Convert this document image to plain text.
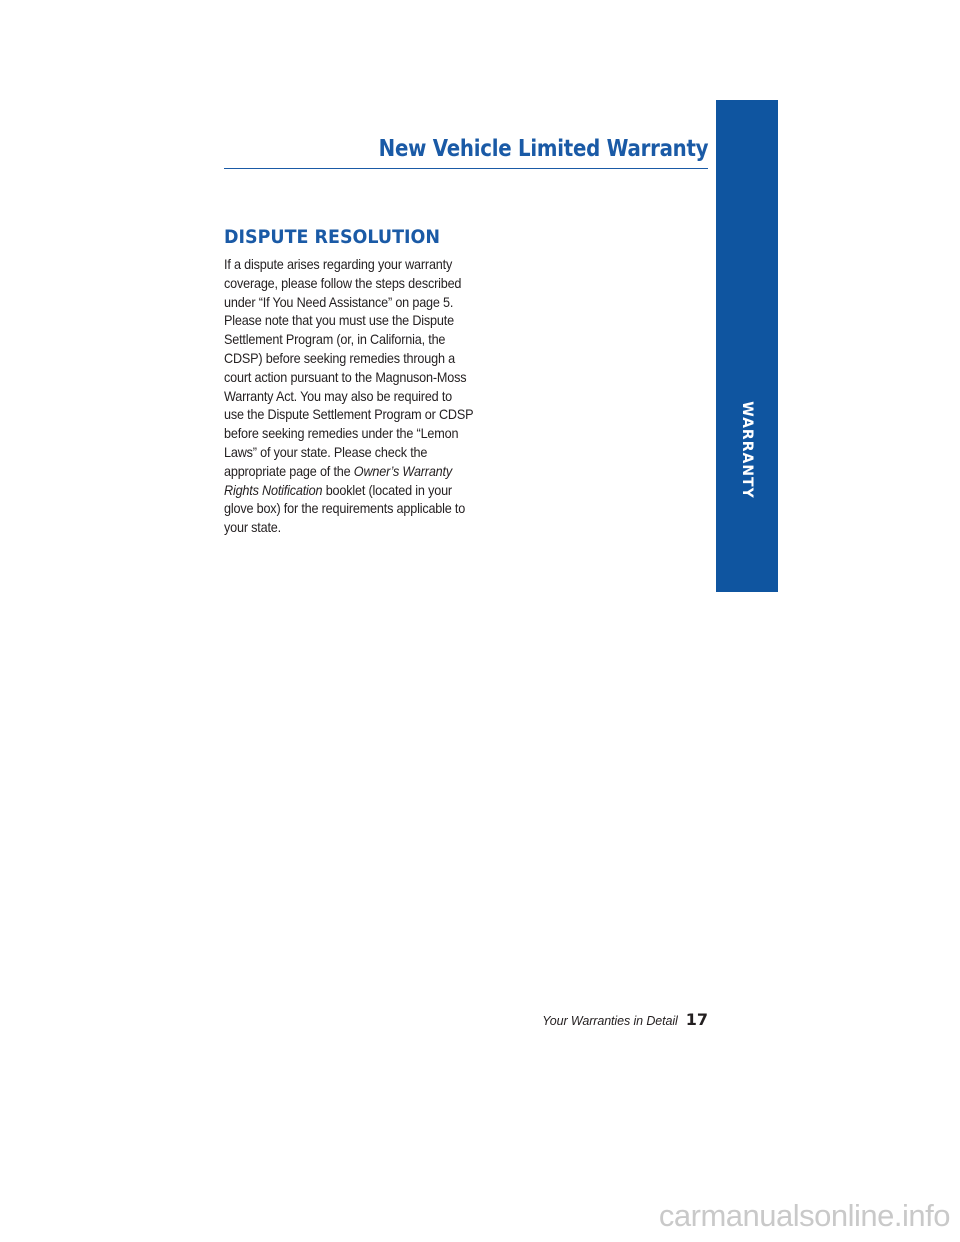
WARRANTY
New Vehicle Limited Warranty
DISPUTE RESOLUTION

If a dispute arises regarding your warranty coverage, please follow the steps described under “If You Need Assistance” on page 5. Please note that you must use the Dispute Settlement Program (or, in California, the CDSP) before seeking remedies through a court action pursuant to the Magnuson-Moss Warranty Act. You may also be required to use the Dispute Settlement Program or CDSP before seeking remedies under the “Lemon Laws” of your state. Please check the appropriate page of the Owner’s Warranty Rights Notification booklet (located in your glove box) for the requirements applicable to your state.

Your Warranties in Detail 17
carmanualsonline.info
